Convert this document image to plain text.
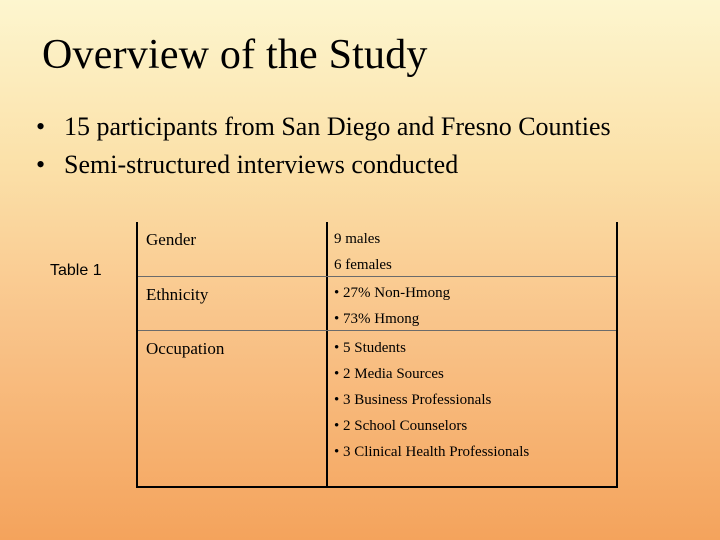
Overview of the Study
• 15 participants from San Diego and Fresno Counties
• Semi-structured interviews conducted
Table 1
Gender	9 males
6 females
Ethnicity	• 27% Non-Hmong
• 73% Hmong
Occupation	• 5 Students
• 2 Media Sources
• 3 Business Professionals
• 2 School Counselors
• 3 Clinical Health Professionals
